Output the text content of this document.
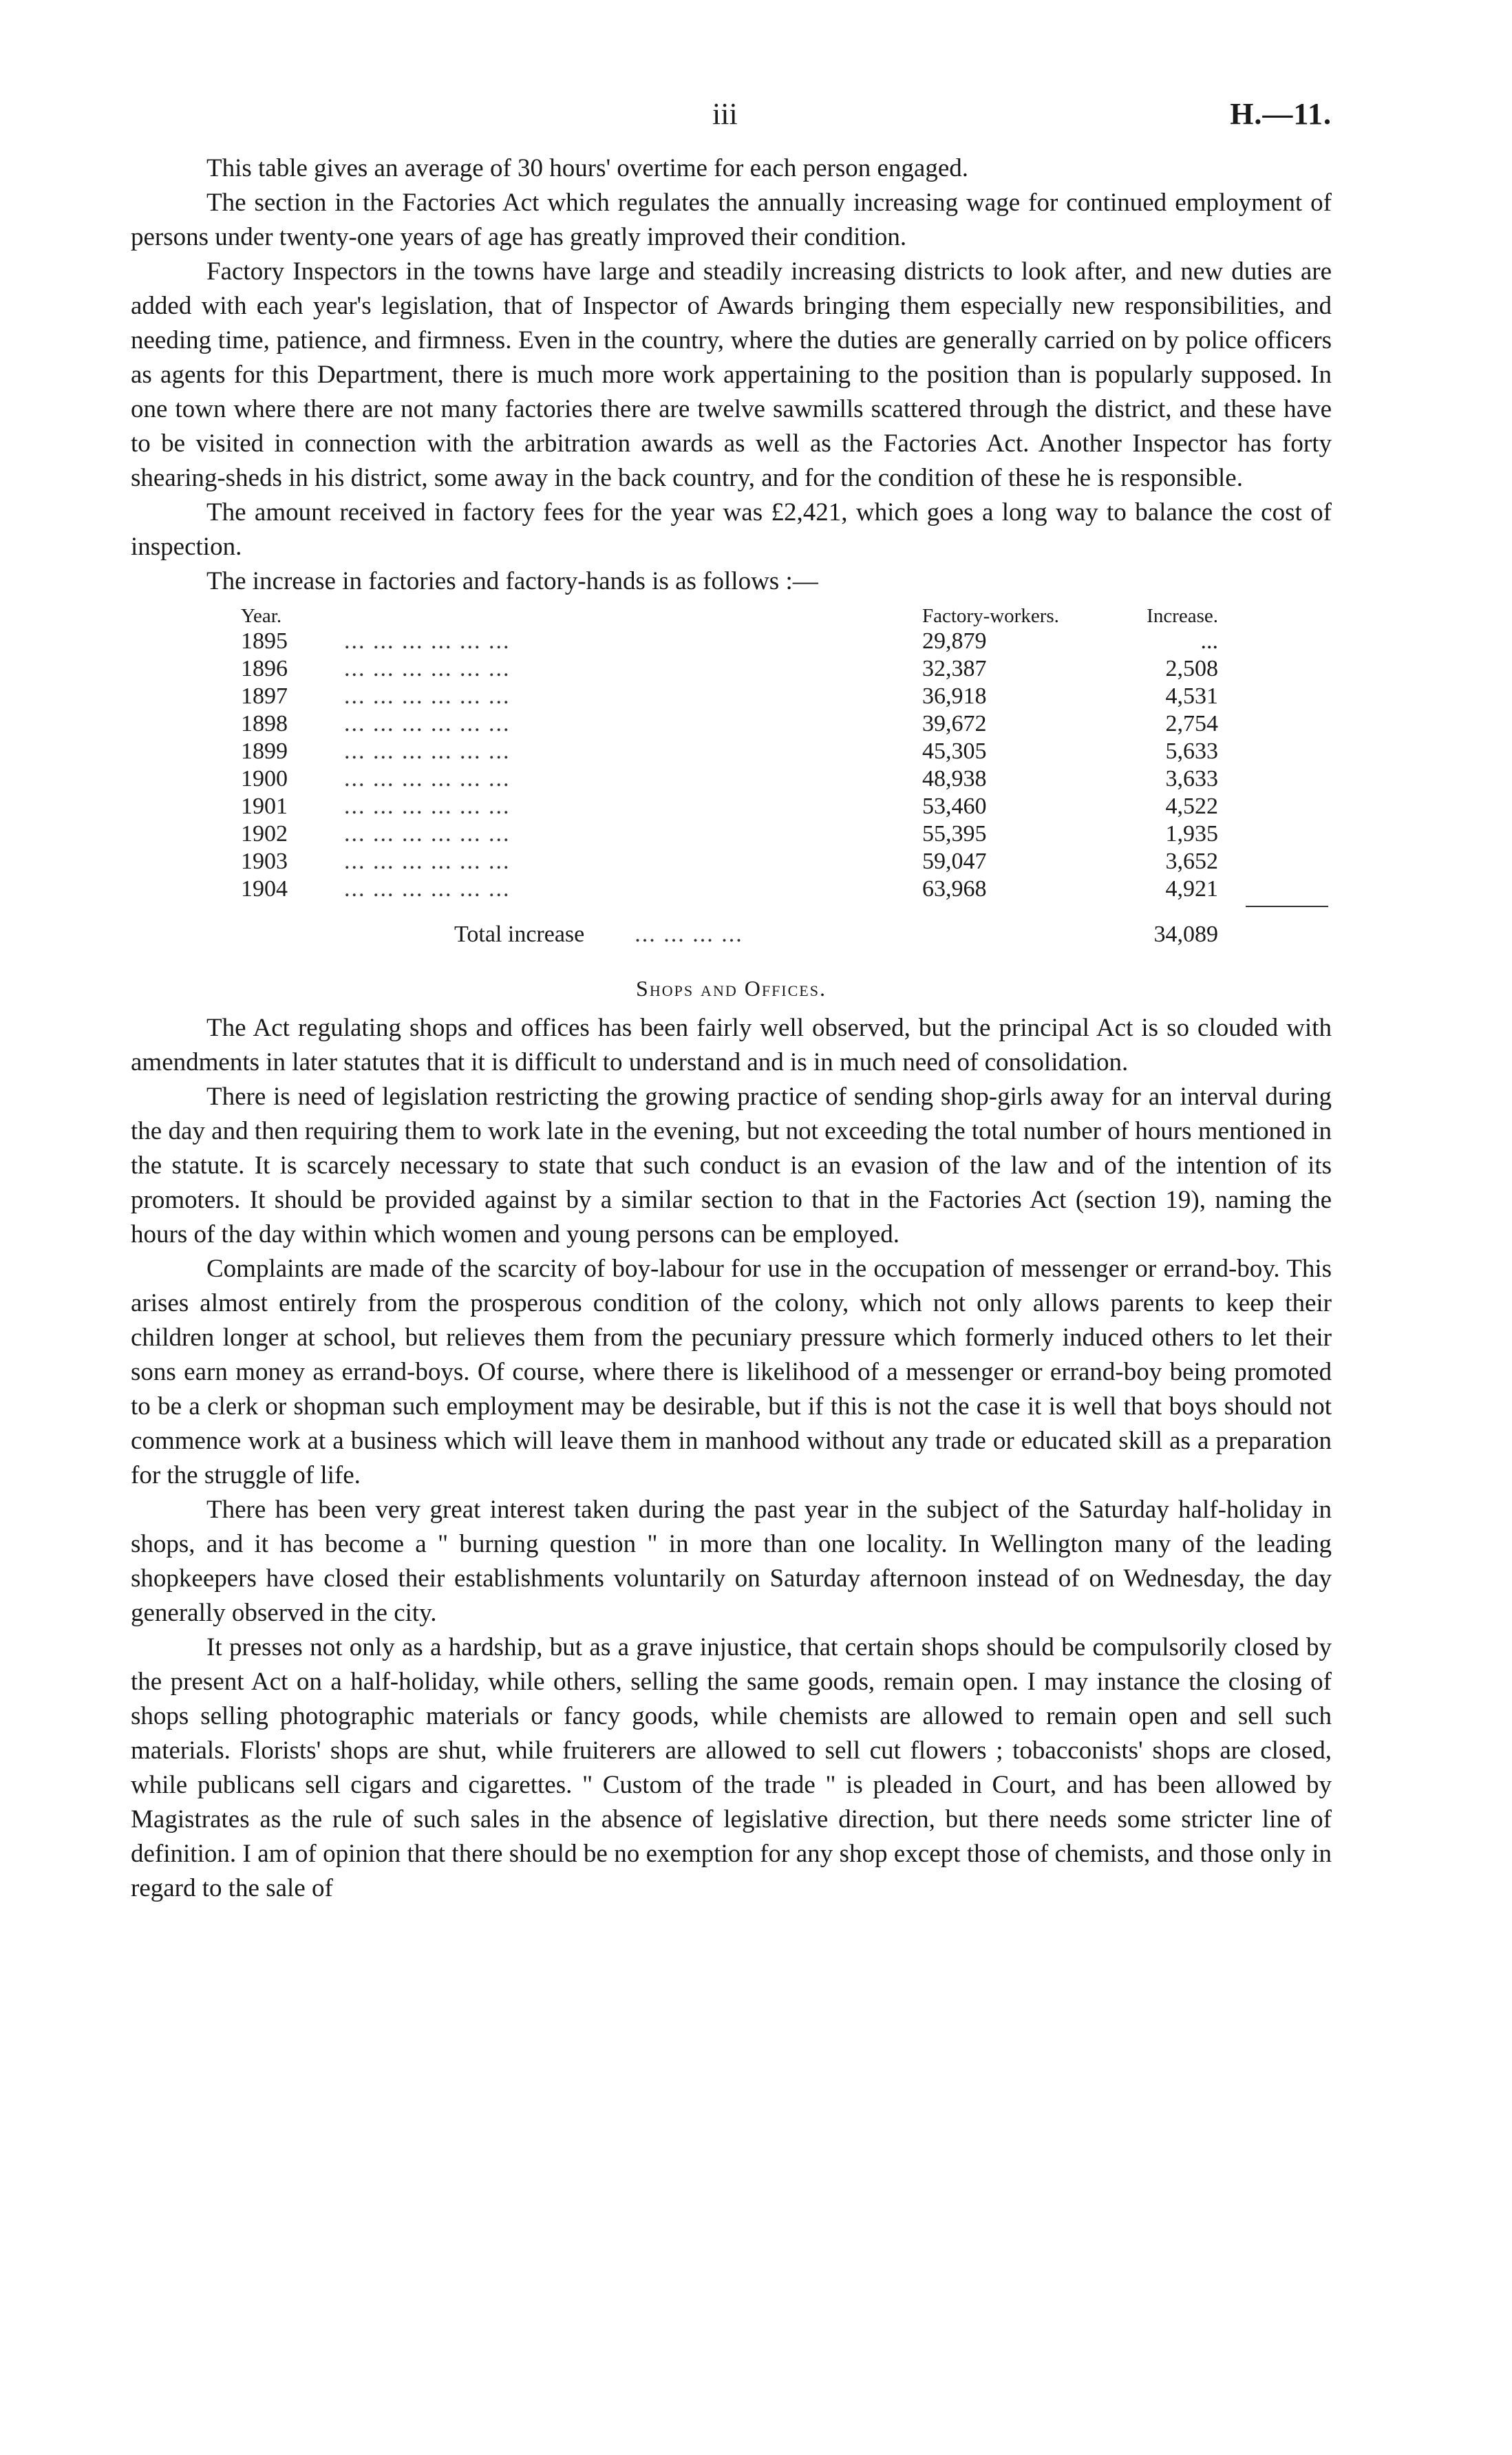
iii	H.—11.

This table gives an average of 30 hours' overtime for each person engaged.

The section in the Factories Act which regulates the annually increasing wage for continued employment of persons under twenty-one years of age has greatly improved their condition.

Factory Inspectors in the towns have large and steadily increasing districts to look after, and new duties are added with each year's legislation, that of Inspector of Awards bringing them especially new responsibilities, and needing time, patience, and firmness. Even in the country, where the duties are generally carried on by police officers as agents for this Department, there is much more work appertaining to the position than is popularly supposed. In one town where there are not many factories there are twelve sawmills scattered through the district, and these have to be visited in connection with the arbitration awards as well as the Factories Act. Another Inspector has forty shearing-sheds in his district, some away in the back country, and for the condition of these he is responsible.

The amount received in factory fees for the year was £2,421, which goes a long way to balance the cost of inspection.

The increase in factories and factory-hands is as follows :—

Year.	Factory-workers.	Increase.
1895	... ... ... ... ... ...	29,879	...
1896	... ... ... ... ... ...	32,387	2,508
1897	... ... ... ... ... ...	36,918	4,531
1898	... ... ... ... ... ...	39,672	2,754
1899	... ... ... ... ... ...	45,305	5,633
1900	... ... ... ... ... ...	48,938	3,633
1901	... ... ... ... ... ...	53,460	4,522
1902	... ... ... ... ... ...	55,395	1,935
1903	... ... ... ... ... ...	59,047	3,652
1904	... ... ... ... ... ...	63,968	4,921
Total increase	... ... ... ...	34,089
Shops and Offices.

The Act regulating shops and offices has been fairly well observed, but the principal Act is so clouded with amendments in later statutes that it is difficult to understand and is in much need of consolidation.

There is need of legislation restricting the growing practice of sending shop-girls away for an interval during the day and then requiring them to work late in the evening, but not exceeding the total number of hours mentioned in the statute. It is scarcely necessary to state that such conduct is an evasion of the law and of the intention of its promoters. It should be provided against by a similar section to that in the Factories Act (section 19), naming the hours of the day within which women and young persons can be employed.

Complaints are made of the scarcity of boy-labour for use in the occupation of messenger or errand-boy. This arises almost entirely from the prosperous condition of the colony, which not only allows parents to keep their children longer at school, but relieves them from the pecuniary pressure which formerly induced others to let their sons earn money as errand-boys. Of course, where there is likelihood of a messenger or errand-boy being promoted to be a clerk or shopman such employment may be desirable, but if this is not the case it is well that boys should not commence work at a business which will leave them in manhood without any trade or educated skill as a preparation for the struggle of life.

There has been very great interest taken during the past year in the subject of the Saturday half-holiday in shops, and it has become a " burning question " in more than one locality. In Wellington many of the leading shopkeepers have closed their establishments voluntarily on Saturday afternoon instead of on Wednesday, the day generally observed in the city.

It presses not only as a hardship, but as a grave injustice, that certain shops should be compulsorily closed by the present Act on a half-holiday, while others, selling the same goods, remain open. I may instance the closing of shops selling photographic materials or fancy goods, while chemists are allowed to remain open and sell such materials. Florists' shops are shut, while fruiterers are allowed to sell cut flowers ; tobacconists' shops are closed, while publicans sell cigars and cigarettes. " Custom of the trade " is pleaded in Court, and has been allowed by Magistrates as the rule of such sales in the absence of legislative direction, but there needs some stricter line of definition. I am of opinion that there should be no exemption for any shop except those of chemists, and those only in regard to the sale of
